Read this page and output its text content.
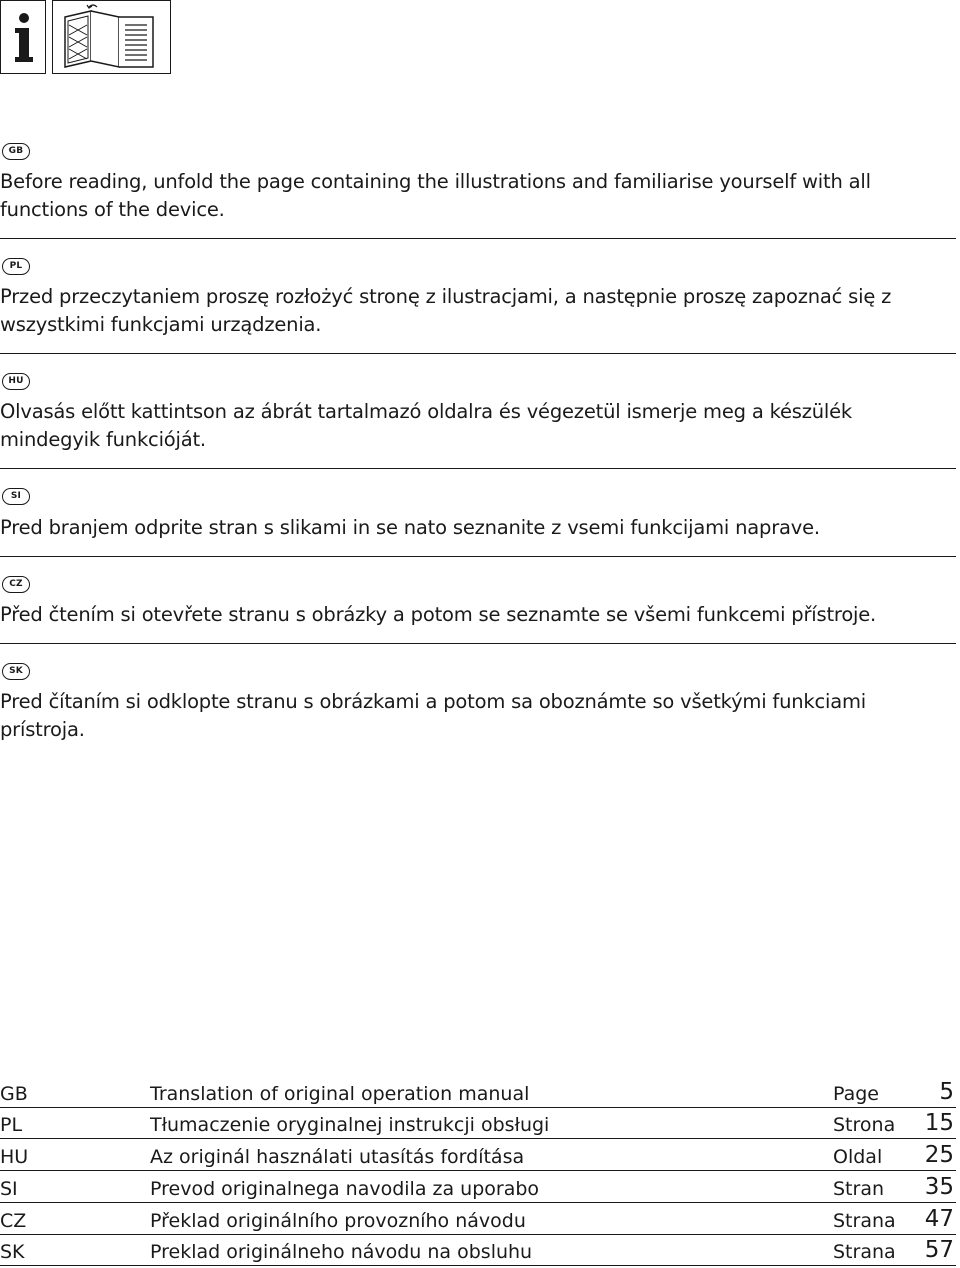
GB

Before reading, unfold the page containing the illustrations and familiarise yourself with all functions of the device.

PL

Przed przeczytaniem proszę rozłożyć stronę z ilustracjami, a następnie proszę zapoznać się z wszystkimi funkcjami urządzenia.

HU

Olvasás előtt kattintson az ábrát tartalmazó oldalra és végezetül ismerje meg a készülék mindegyik funkcióját.

SI

Pred branjem odprite stran s slikami in se nato seznanite z vsemi funkcijami naprave.

CZ

Před čtením si otevřete stranu s obrázky a potom se seznamte se všemi funkcemi přístroje.

SK

Pred čítaním si odklopte stranu s obrázkami a potom sa oboznámte so všetkými funkciami prístroja.

GB	Translation of original operation manual	Page	5
PL	Tłumaczenie oryginalnej instrukcji obsługi	Strona 15
HU	Az originál használati utasítás fordítása	Oldal 25
SI	Prevod originalnega navodila za uporabo	Stran 35
CZ	Překlad originálního provozního návodu	Strana 47
SK	Preklad originálneho návodu na obsluhu	Strana 57
